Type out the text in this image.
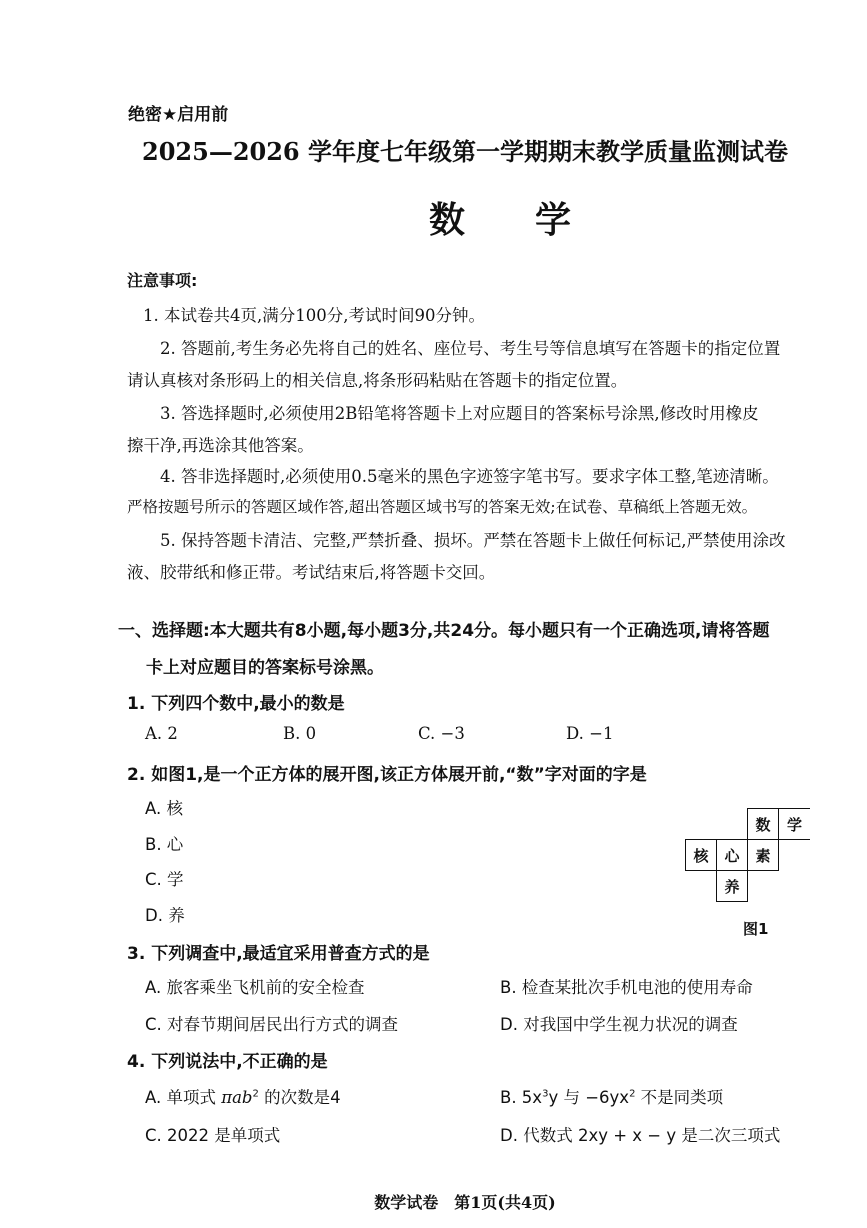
绝密★启用前
2025—2026 学年度七年级第一学期期末教学质量监测试卷
数学
注意事项:
1. 本试卷共4页,满分100分,考试时间90分钟。
2. 答题前,考生务必先将自己的姓名、座位号、考生号等信息填写在答题卡的指定位置
请认真核对条形码上的相关信息,将条形码粘贴在答题卡的指定位置。
3. 答选择题时,必须使用2B铅笔将答题卡上对应题目的答案标号涂黑,修改时用橡皮
擦干净,再选涂其他答案。
4. 答非选择题时,必须使用0.5毫米的黑色字迹签字笔书写。要求字体工整,笔迹清晰。
严格按题号所示的答题区域作答,超出答题区域书写的答案无效;在试卷、草稿纸上答题无效。
5. 保持答题卡清洁、完整,严禁折叠、损坏。严禁在答题卡上做任何标记,严禁使用涂改
液、胶带纸和修正带。考试结束后,将答题卡交回。
一、选择题:本大题共有8小题,每小题3分,共24分。每小题只有一个正确选项,请将答题
卡上对应题目的答案标号涂黑。
1. 下列四个数中,最小的数是
A. 2	B. 0	C. −3	D. −1
2. 如图1,是一个正方体的展开图,该正方体展开前,“数”字对面的字是
A. 核
B. 心
C. 学
D. 养
数	学
核	心	素
养
图1
3. 下列调查中,最适宜采用普查方式的是
A. 旅客乘坐飞机前的安全检查	B. 检查某批次手机电池的使用寿命
C. 对春节期间居民出行方式的调查	D. 对我国中学生视力状况的调查
4. 下列说法中,不正确的是
A. 单项式 πab$^2$ 的次数是4	B. $5x^3y$ 与 $-6yx^2$ 不是同类项
C. 2022 是单项式	D. 代数式 2xy + x − y 是二次三项式
数学试卷　第1页(共4页)
